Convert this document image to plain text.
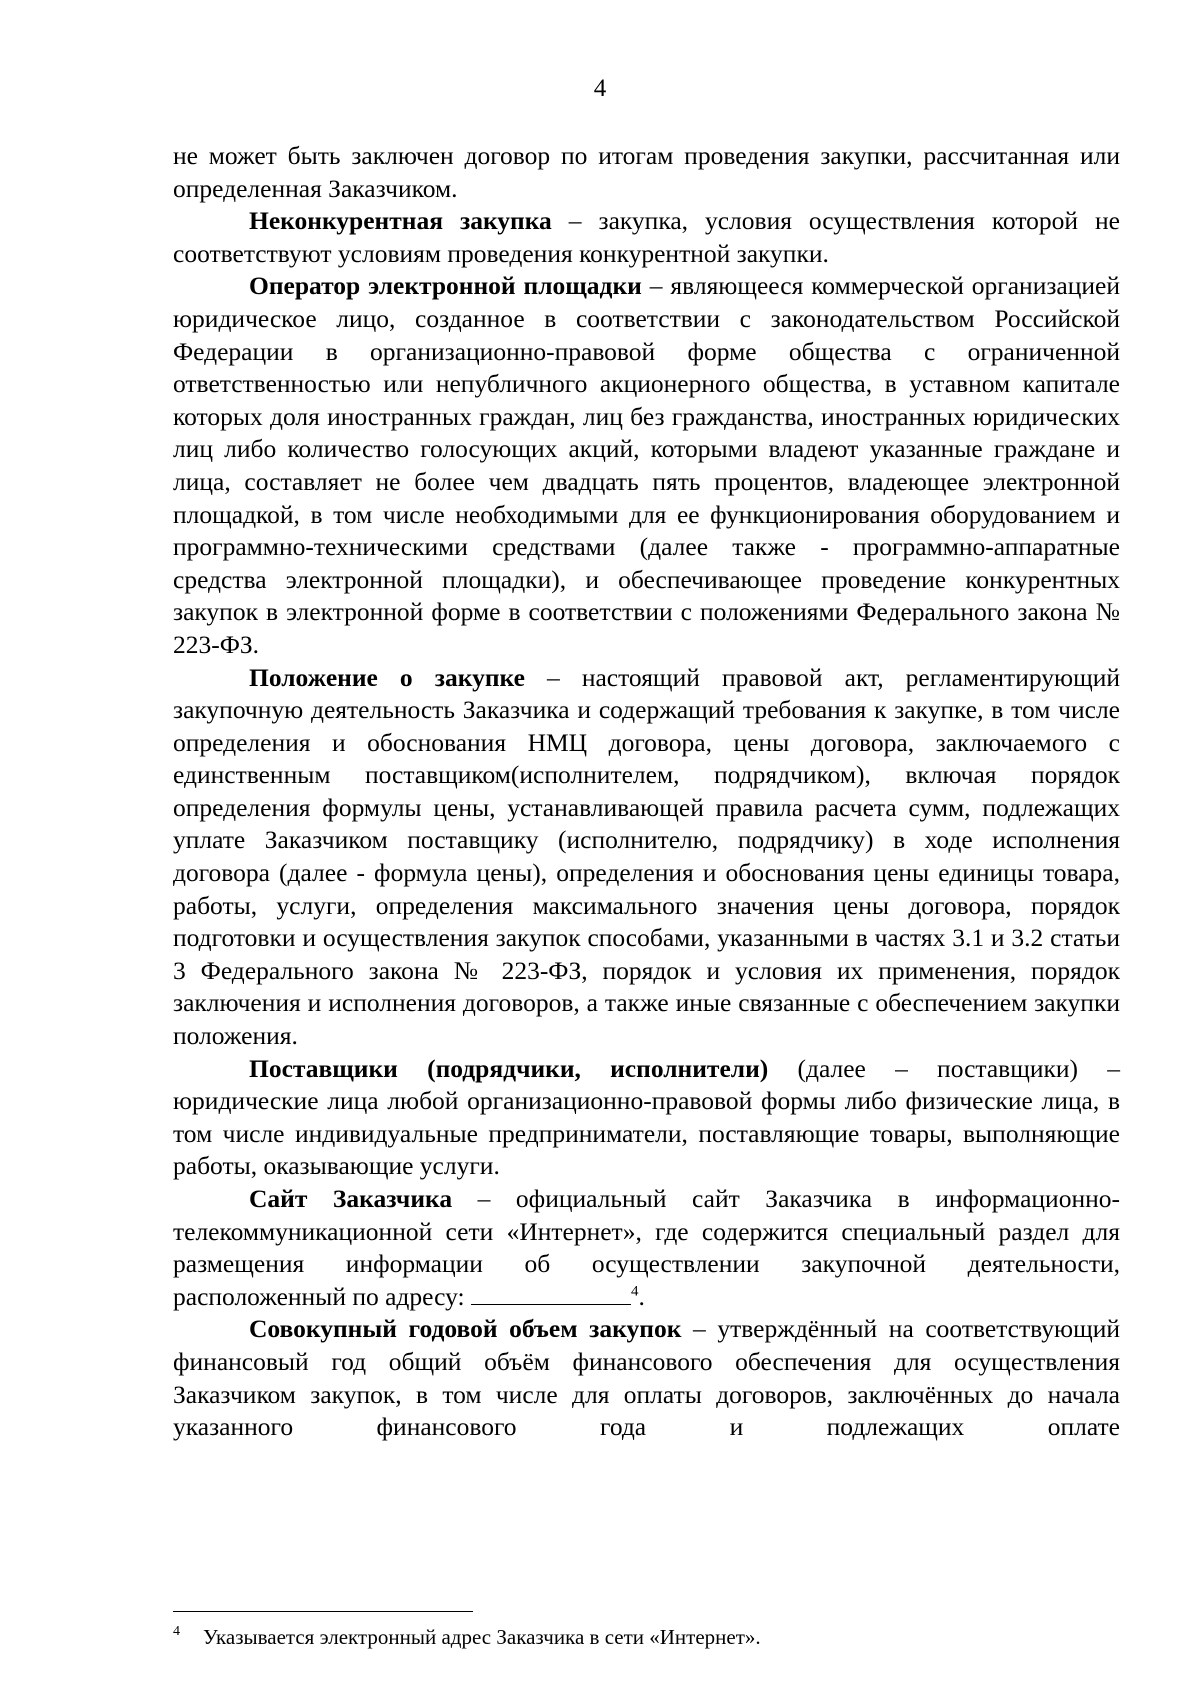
4

не может быть заключен договор по итогам проведения закупки, рассчитанная или определенная Заказчиком.

Неконкурентная закупка – закупка, условия осуществления которой не соответствуют условиям проведения конкурентной закупки.

Оператор электронной площадки – являющееся коммерческой организацией юридическое лицо, созданное в соответствии с законодательством Российской Федерации в организационно-правовой форме общества с ограниченной ответственностью или непубличного акционерного общества, в уставном капитале которых доля иностранных граждан, лиц без гражданства, иностранных юридических лиц либо количество голосующих акций, которыми владеют указанные граждане и лица, составляет не более чем двадцать пять процентов, владеющее электронной площадкой, в том числе необходимыми для ее функционирования оборудованием и программно-техническими средствами (далее также - программно-аппаратные средства электронной площадки), и обеспечивающее проведение конкурентных закупок в электронной форме в соответствии с положениями Федерального закона № 223-ФЗ.

Положение о закупке – настоящий правовой акт, регламентирующий закупочную деятельность Заказчика и содержащий требования к закупке, в том числе определения и обоснования НМЦ договора, цены договора, заключаемого с единственным поставщиком(исполнителем, подрядчиком), включая порядок определения формулы цены, устанавливающей правила расчета сумм, подлежащих уплате Заказчиком поставщику (исполнителю, подрядчику) в ходе исполнения договора (далее - формула цены), определения и обоснования цены единицы товара, работы, услуги, определения максимального значения цены договора, порядок подготовки и осуществления закупок способами, указанными в частях 3.1 и 3.2 статьи 3 Федерального закона № 223-ФЗ, порядок и условия их применения, порядок заключения и исполнения договоров, а также иные связанные с обеспечением закупки положения.

Поставщики (подрядчики, исполнители) (далее – поставщики) – юридические лица любой организационно-правовой формы либо физические лица, в том числе индивидуальные предприниматели, поставляющие товары, выполняющие работы, оказывающие услуги.

Сайт Заказчика – официальный сайт Заказчика в информационно-телекоммуникационной сети «Интернет», где содержится специальный раздел для размещения информации об осуществлении закупочной деятельности, расположенный по адресу:	$^4$.

Совокупный годовой объем закупок – утверждённый на соответствующий финансовый год общий объём финансового обеспечения для осуществления Заказчиком закупок, в том числе для оплаты договоров, заключённых до начала указанного финансового года и подлежащих оплате

4 Указывается электронный адрес Заказчика в сети «Интернет».
